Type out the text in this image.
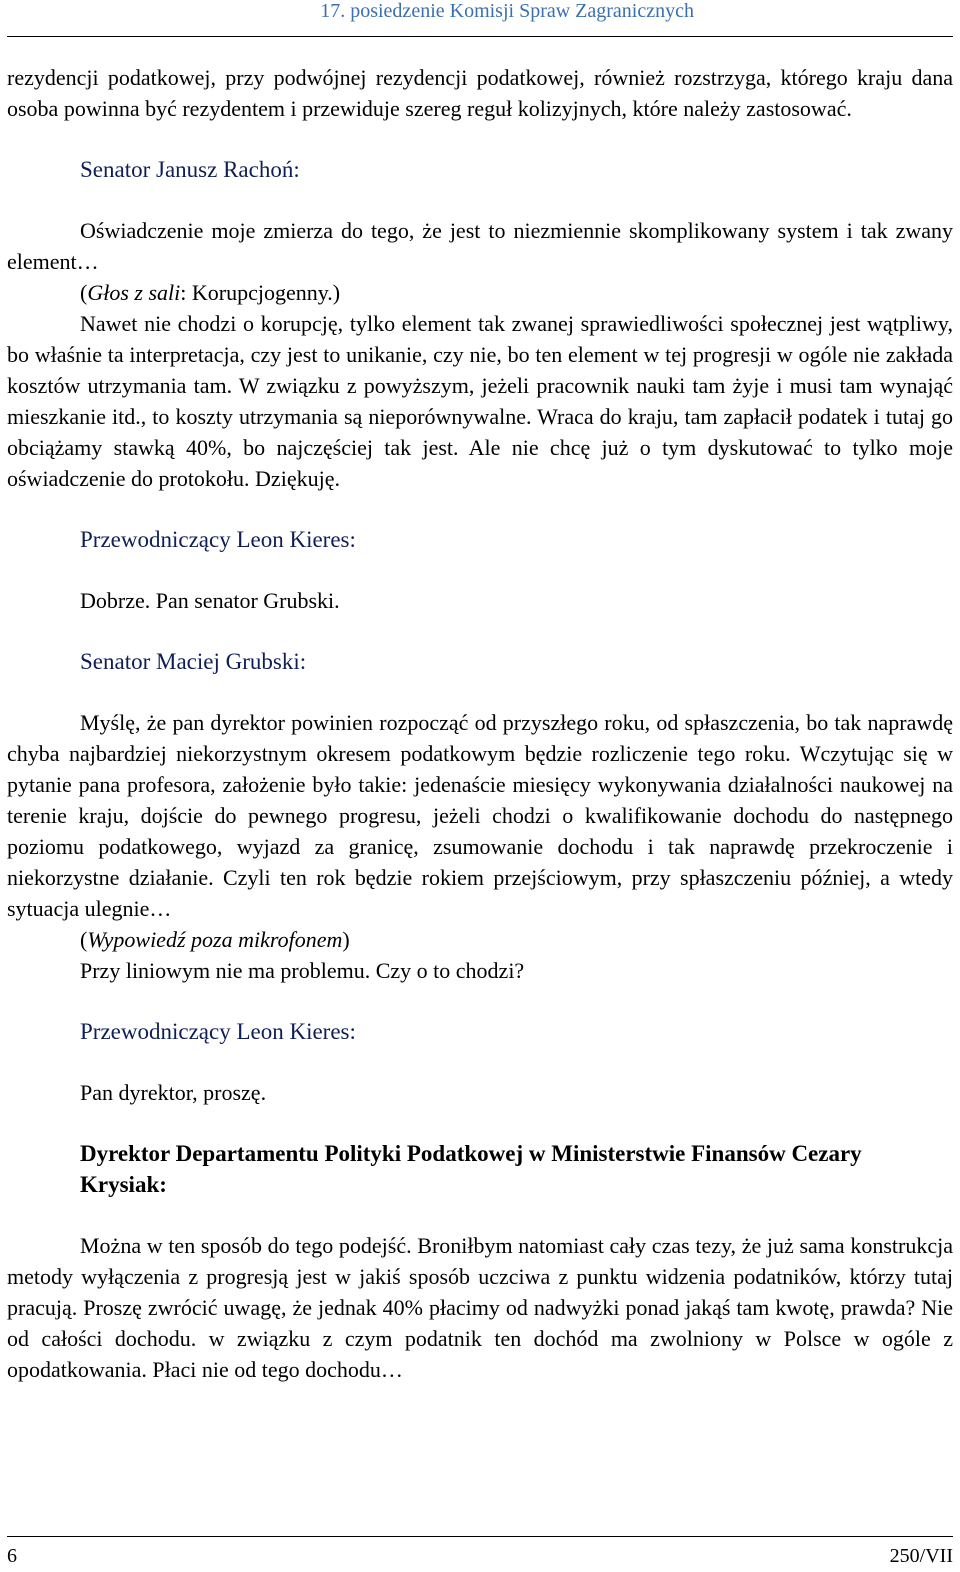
17. posiedzenie Komisji Spraw Zagranicznych

rezydencji podatkowej, przy podwójnej rezydencji podatkowej, również rozstrzyga, którego kraju dana osoba powinna być rezydentem i przewiduje szereg reguł kolizyjnych, które należy zastosować.

Senator Janusz Rachoń:

Oświadczenie moje zmierza do tego, że jest to niezmiennie skomplikowany system i tak zwany element…

(Głos z sali: Korupcjogenny.)

Nawet nie chodzi o korupcję, tylko element tak zwanej sprawiedliwości społecznej jest wątpliwy, bo właśnie ta interpretacja, czy jest to unikanie, czy nie, bo ten element w tej progresji w ogóle nie zakłada kosztów utrzymania tam. W związku z powyższym, jeżeli pracownik nauki tam żyje i musi tam wynająć mieszkanie itd., to koszty utrzymania są nieporównywalne. Wraca do kraju, tam zapłacił podatek i tutaj go obciążamy stawką 40%, bo najczęściej tak jest. Ale nie chcę już o tym dyskutować to tylko moje oświadczenie do protokołu. Dziękuję.

Przewodniczący Leon Kieres:

Dobrze. Pan senator Grubski.

Senator Maciej Grubski:

Myślę, że pan dyrektor powinien rozpocząć od przyszłego roku, od spłaszczenia, bo tak naprawdę chyba najbardziej niekorzystnym okresem podatkowym będzie rozliczenie tego roku. Wczytując się w pytanie pana profesora, założenie było takie: jedenaście miesięcy wykonywania działalności naukowej na terenie kraju, dojście do pewnego progresu, jeżeli chodzi o kwalifikowanie dochodu do następnego poziomu podatkowego, wyjazd za granicę, zsumowanie dochodu i tak naprawdę przekroczenie i niekorzystne działanie. Czyli ten rok będzie rokiem przejściowym, przy spłaszczeniu później, a wtedy sytuacja ulegnie…

(Wypowiedź poza mikrofonem)

Przy liniowym nie ma problemu. Czy o to chodzi?

Przewodniczący Leon Kieres:

Pan dyrektor, proszę.

Dyrektor Departamentu Polityki Podatkowej w Ministerstwie Finansów Cezary Krysiak:

Można w ten sposób do tego podejść. Broniłbym natomiast cały czas tezy, że już sama konstrukcja metody wyłączenia z progresją jest w jakiś sposób uczciwa z punktu widzenia podatników, którzy tutaj pracują. Proszę zwrócić uwagę, że jednak 40% płacimy od nadwyżki ponad jakąś tam kwotę, prawda? Nie od całości dochodu. w związku z czym podatnik ten dochód ma zwolniony w Polsce w ogóle z opodatkowania. Płaci nie od tego dochodu…

6	250/VII
